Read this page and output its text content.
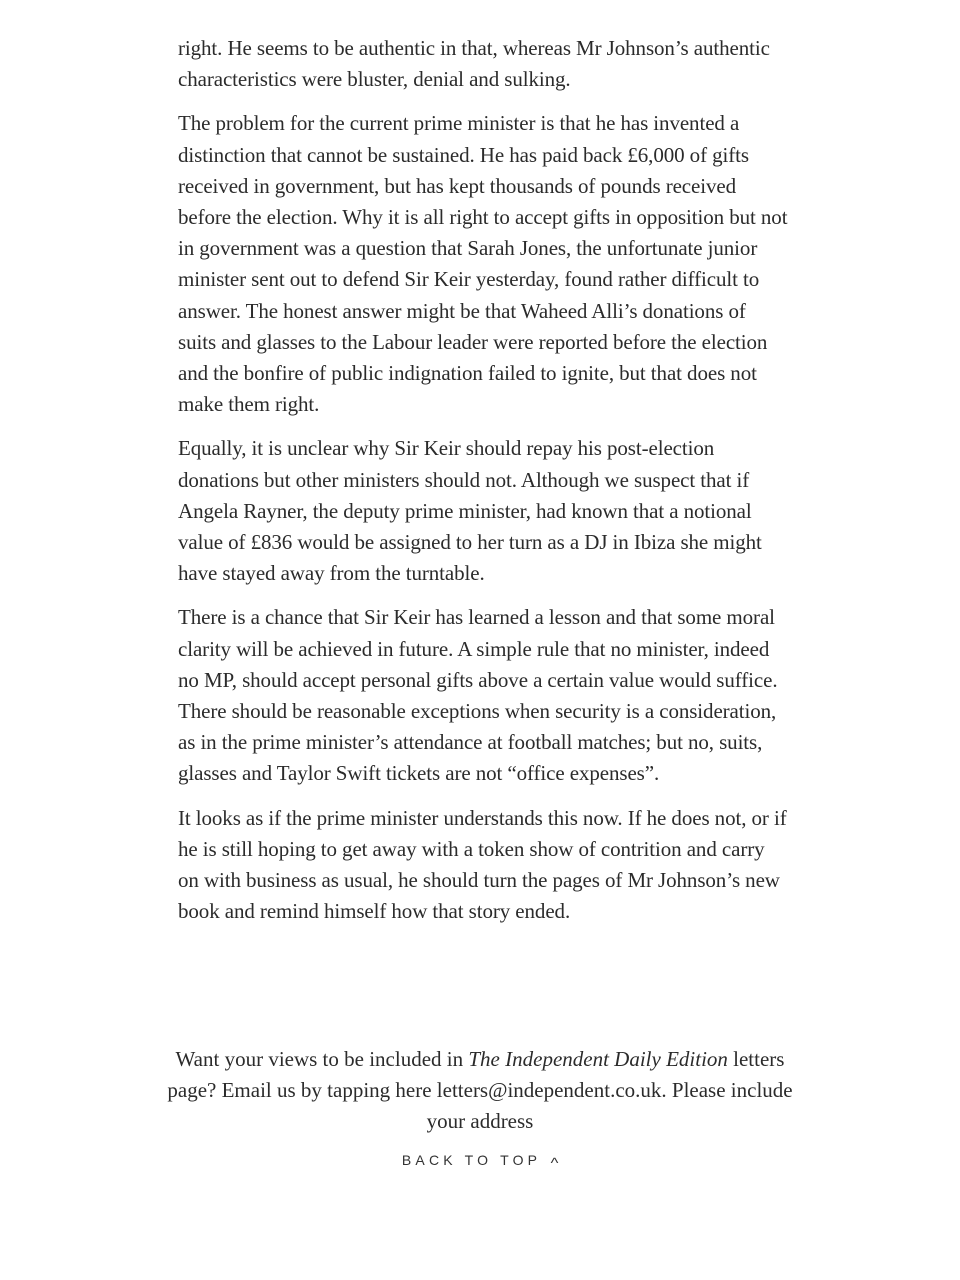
right. He seems to be authentic in that, whereas Mr Johnson’s authentic characteristics were bluster, denial and sulking.

The problem for the current prime minister is that he has invented a distinction that cannot be sustained. He has paid back £6,000 of gifts received in government, but has kept thousands of pounds received before the election. Why it is all right to accept gifts in opposition but not in government was a question that Sarah Jones, the unfortunate junior minister sent out to defend Sir Keir yesterday, found rather difficult to answer. The honest answer might be that Waheed Alli’s donations of suits and glasses to the Labour leader were reported before the election and the bonfire of public indignation failed to ignite, but that does not make them right.

Equally, it is unclear why Sir Keir should repay his post-election donations but other ministers should not. Although we suspect that if Angela Rayner, the deputy prime minister, had known that a notional value of £836 would be assigned to her turn as a DJ in Ibiza she might have stayed away from the turntable.

There is a chance that Sir Keir has learned a lesson and that some moral clarity will be achieved in future. A simple rule that no minister, indeed no MP, should accept personal gifts above a certain value would suffice. There should be reasonable exceptions when security is a consideration, as in the prime minister’s attendance at football matches; but no, suits, glasses and Taylor Swift tickets are not “office expenses”.

It looks as if the prime minister understands this now. If he does not, or if he is still hoping to get away with a token show of contrition and carry on with business as usual, he should turn the pages of Mr Johnson’s new book and remind himself how that story ended.

Want your views to be included in The Independent Daily Edition letters page? Email us by tapping here letters@independent.co.uk. Please include your address
BACK TO TOP ^
